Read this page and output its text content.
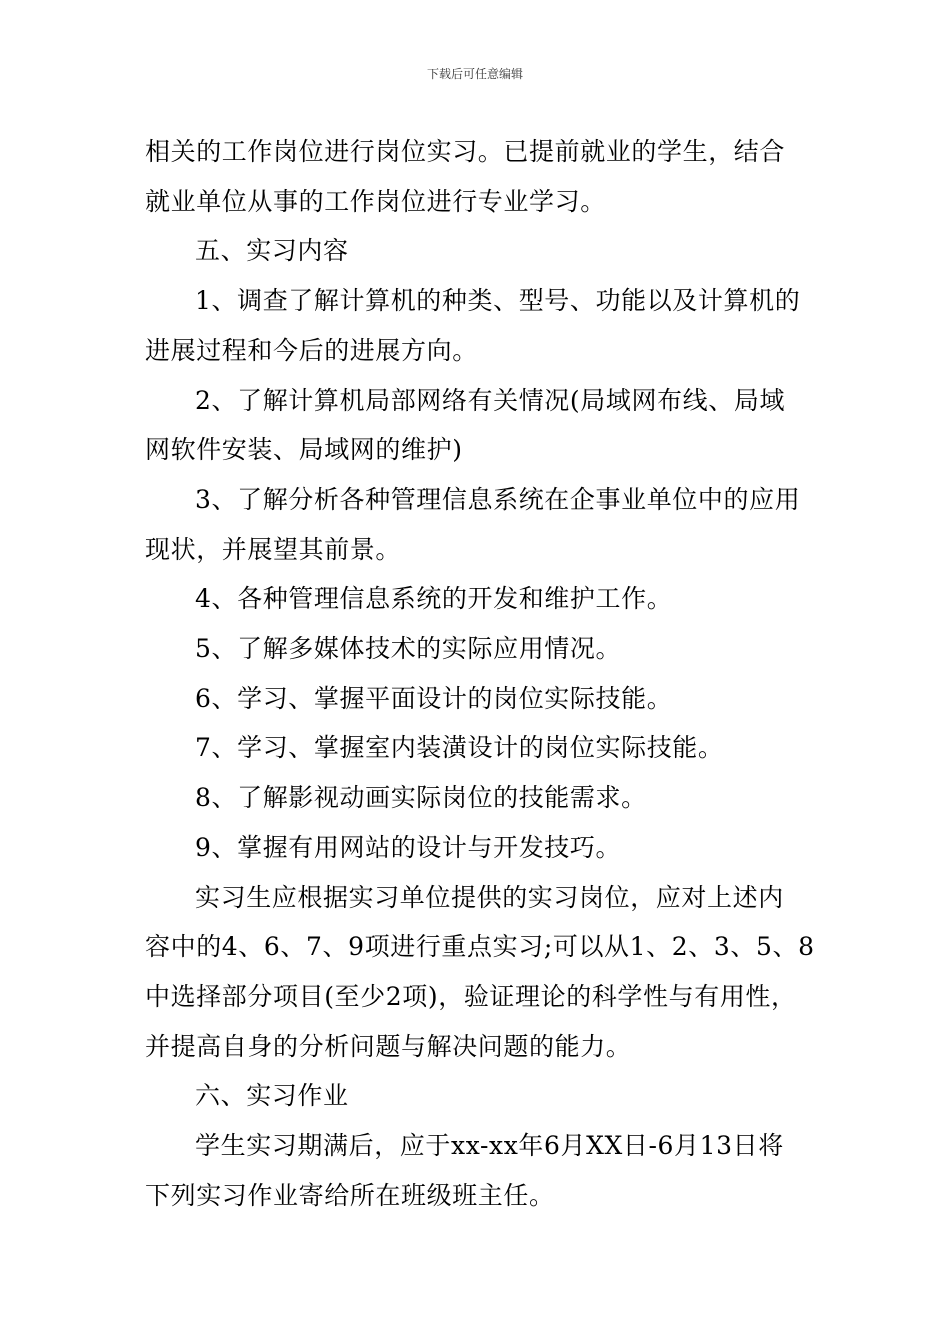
下载后可任意编辑

相关的工作岗位进行岗位实习。已提前就业的学生，结合
就业单位从事的工作岗位进行专业学习。

五、实习内容

1、调查了解计算机的种类、型号、功能以及计算机的
进展过程和今后的进展方向。

2、了解计算机局部网络有关情况(局域网布线、局域
网软件安装、局域网的维护)

3、了解分析各种管理信息系统在企事业单位中的应用
现状，并展望其前景。

4、各种管理信息系统的开发和维护工作。

5、了解多媒体技术的实际应用情况。

6、学习、掌握平面设计的岗位实际技能。

7、学习、掌握室内装潢设计的岗位实际技能。

8、了解影视动画实际岗位的技能需求。

9、掌握有用网站的设计与开发技巧。

实习生应根据实习单位提供的实习岗位，应对上述内
容中的4、6、7、9项进行重点实习;可以从1、2、3、5、8
中选择部分项目(至少2项)，验证理论的科学性与有用性，
并提高自身的分析问题与解决问题的能力。

六、实习作业

学生实习期满后，应于xx-xx年6月XX日-6月13日将
下列实习作业寄给所在班级班主任。
